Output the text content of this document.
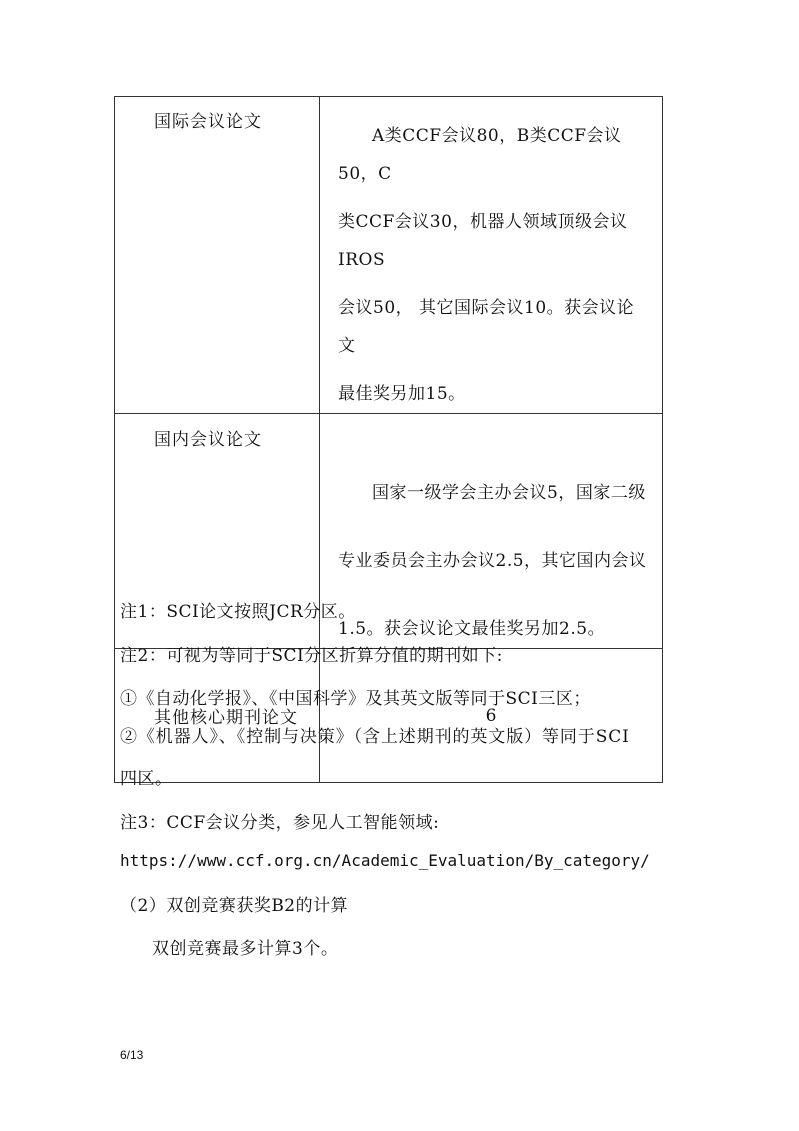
国际会议论文	A类CCF会议80，B类CCF会议50，C
类CCF会议30，机器人领域顶级会议IROS
会议50， 其它国际会议10。获会议论文
最佳奖另加15。

国内会议论文	国家一级学会主办会议5，国家二级
专业委员会主办会议2.5，其它国内会议
1.5。获会议论文最佳奖另加2.5。

其他核心期刊论文	6
注1：SCI论文按照JCR分区。
注2：可视为等同于SCI分区折算分值的期刊如下:
①《自动化学报》、《中国科学》及其英文版等同于SCI三区；
②《机器人》、《控制与决策》（含上述期刊的英文版）等同于SCI
四区。
注3：CCF会议分类，参见人工智能领域:
https://www.ccf.org.cn/Academic_Evaluation/By_category/
（2）双创竞赛获奖B2的计算
双创竞赛最多计算3个。
6/13
